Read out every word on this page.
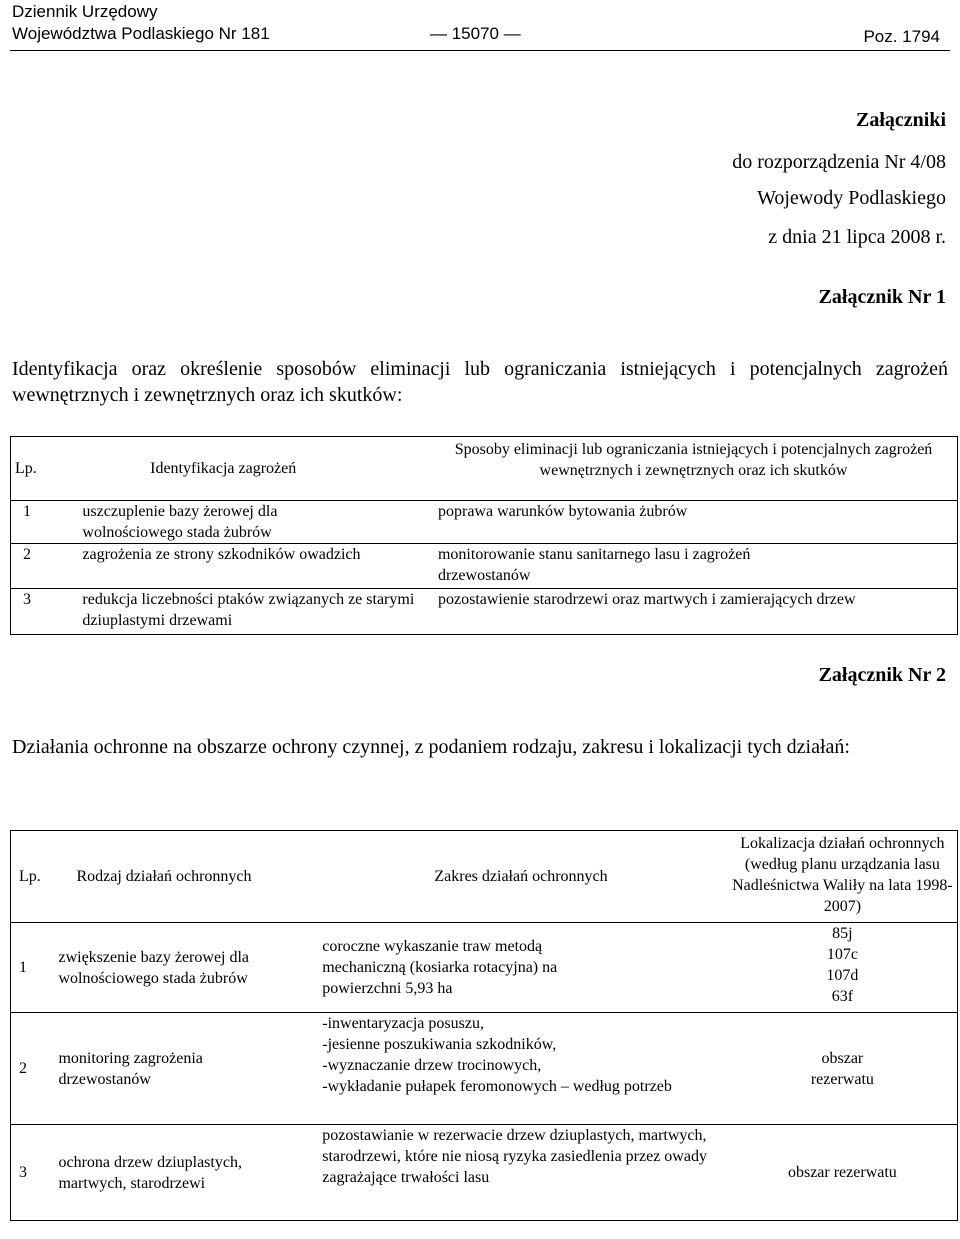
Dziennik Urzędowy
Województwa Podlaskiego Nr 181	— 15070 —	Poz. 1794
Załączniki
do rozporządzenia Nr 4/08
Wojewody Podlaskiego
z dnia 21 lipca 2008 r.
Załącznik Nr 1
Identyfikacja oraz określenie sposobów eliminacji lub ograniczania istniejących i potencjalnych zagrożeń wewnętrznych i zewnętrznych oraz ich skutków:
Lp.	Identyfikacja zagrożeń	Sposoby eliminacji lub ograniczania istniejących i potencjalnych zagrożeń wewnętrznych i zewnętrznych oraz ich skutków
1	uszczuplenie bazy żerowej dla wolnościowego stada żubrów	poprawa warunków bytowania żubrów
2	zagrożenia ze strony szkodników owadzich	monitorowanie stanu sanitarnego lasu i zagrożeń drzewostanów
3	redukcja liczebności ptaków związanych ze starymi dziuplastymi drzewami	pozostawienie starodrzewi oraz martwych i zamierających drzew
Załącznik Nr 2
Działania ochronne na obszarze ochrony czynnej, z podaniem rodzaju, zakresu i lokalizacji tych działań:
Lp.	Rodzaj działań ochronnych	Zakres działań ochronnych	Lokalizacja działań ochronnych (według planu urządzania lasu Nadleśnictwa Waliły na lata 1998-2007)
1	zwiększenie bazy żerowej dla wolnościowego stada żubrów	coroczne wykaszanie traw metodą mechaniczną (kosiarka rotacyjna) na powierzchni 5,93 ha	85j
107c
107d
63f
2	monitoring zagrożenia drzewostanów	-inwentaryzacja posuszu,
-jesienne poszukiwania szkodników,
-wyznaczanie drzew trocinowych,
-wykładanie pułapek feromonowych – według potrzeb	obszar
rezerwatu
3	ochrona drzew dziuplastych, martwych, starodrzewi	pozostawianie w rezerwacie drzew dziuplastych, martwych, starodrzewi, które nie niosą ryzyka zasiedlenia przez owady zagrażające trwałości lasu	obszar rezerwatu
